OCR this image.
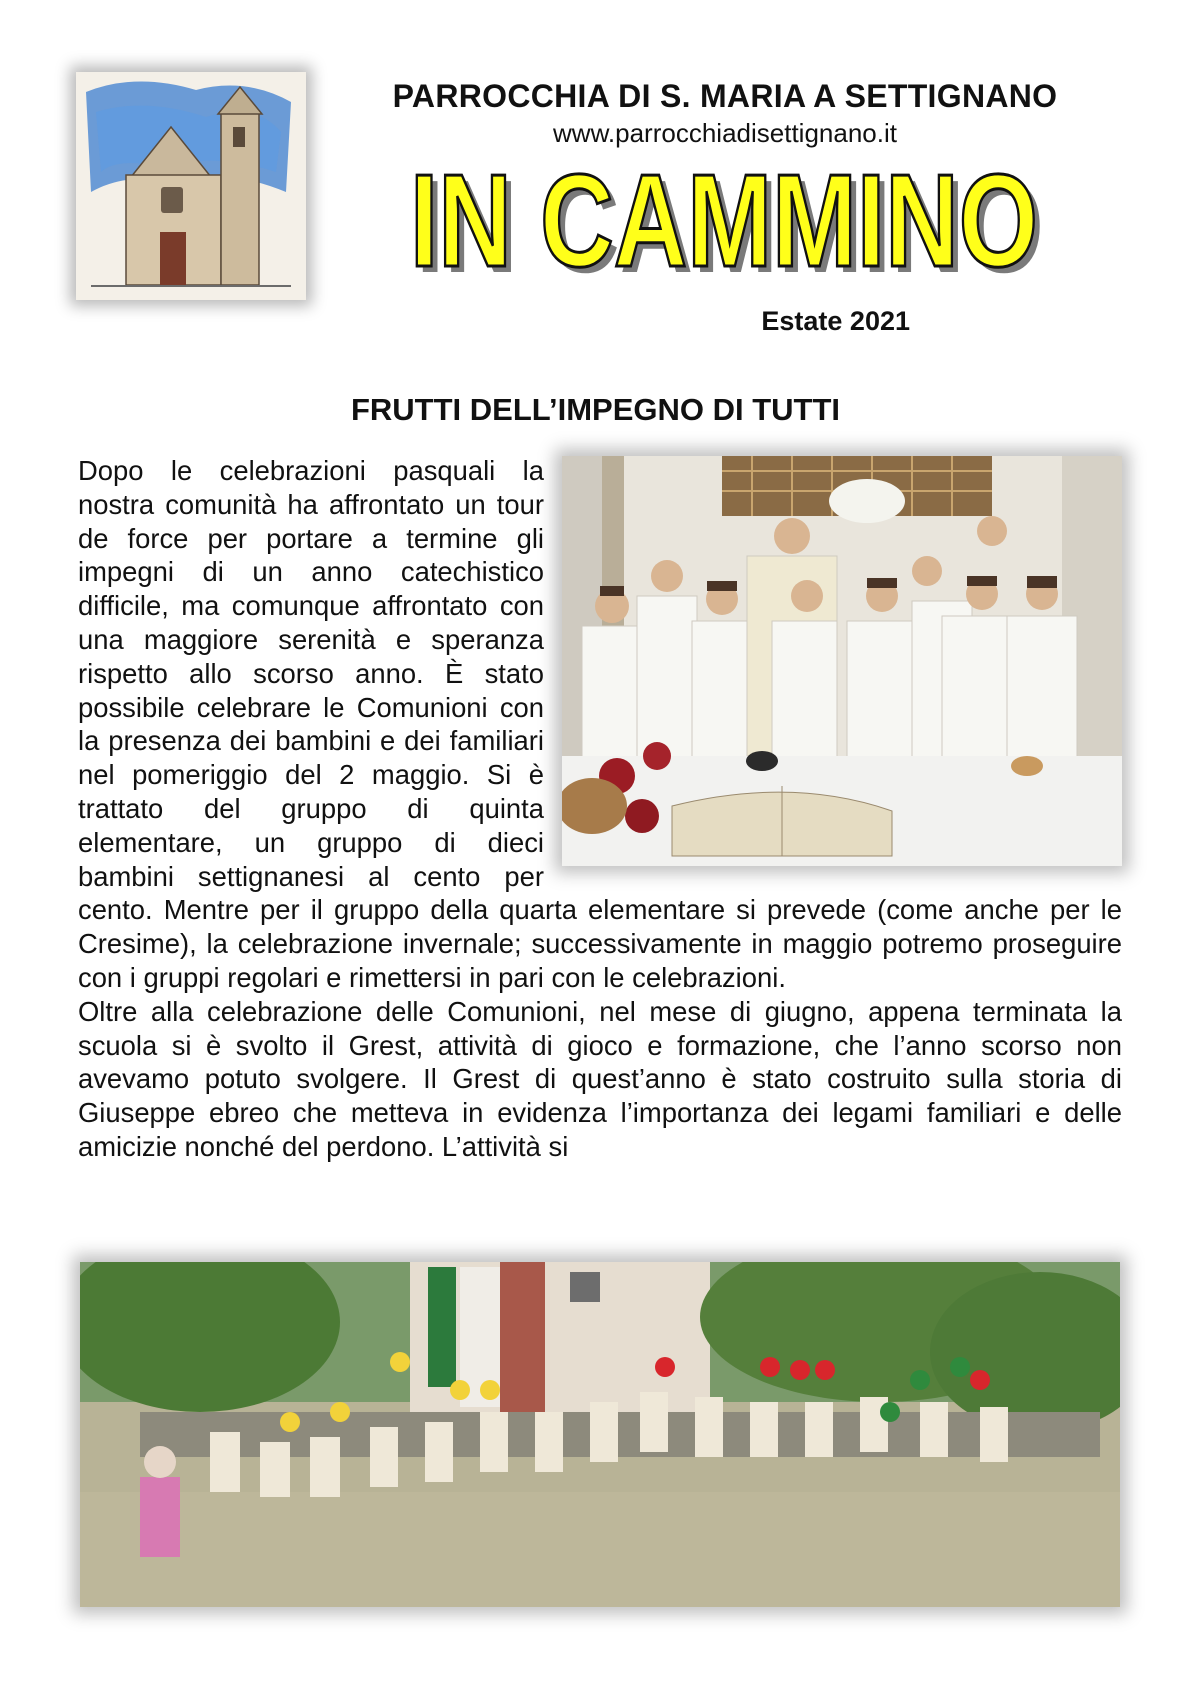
PARROCCHIA DI S. MARIA A SETTIGNANO
www.parrocchiadisettignano.it
IN CAMMINO
IN CAMMINO
Estate 2021
FRUTTI DELL’IMPEGNO DI TUTTI

Dopo le celebrazioni pasquali la nostra comunità ha affrontato un tour de force per portare a termine gli impegni di un anno catechistico difficile, ma comunque affrontato con una maggiore serenità e speranza rispetto allo scorso anno. È stato possibile celebrare le Comunioni con la presenza dei bambini e dei familiari nel pomeriggio del 2 maggio. Si è trattato del gruppo di quinta elementare, un gruppo di dieci bambini settignanesi al cento per cento. Mentre per il gruppo della quarta elementare si prevede (come anche per le Cresime), la celebrazione invernale; successivamente in maggio potremo proseguire con i gruppi regolari e rimettersi in pari con le celebrazioni.

Oltre alla celebrazione delle Comunioni, nel mese di giugno, appena terminata la scuola si è svolto il Grest, attività di gioco e formazione, che l’anno scorso non avevamo potuto svolgere. Il Grest di quest’anno è stato costruito sulla storia di Giuseppe ebreo che metteva in evidenza l’importanza dei legami familiari e delle amicizie nonché del perdono. L’attività si
